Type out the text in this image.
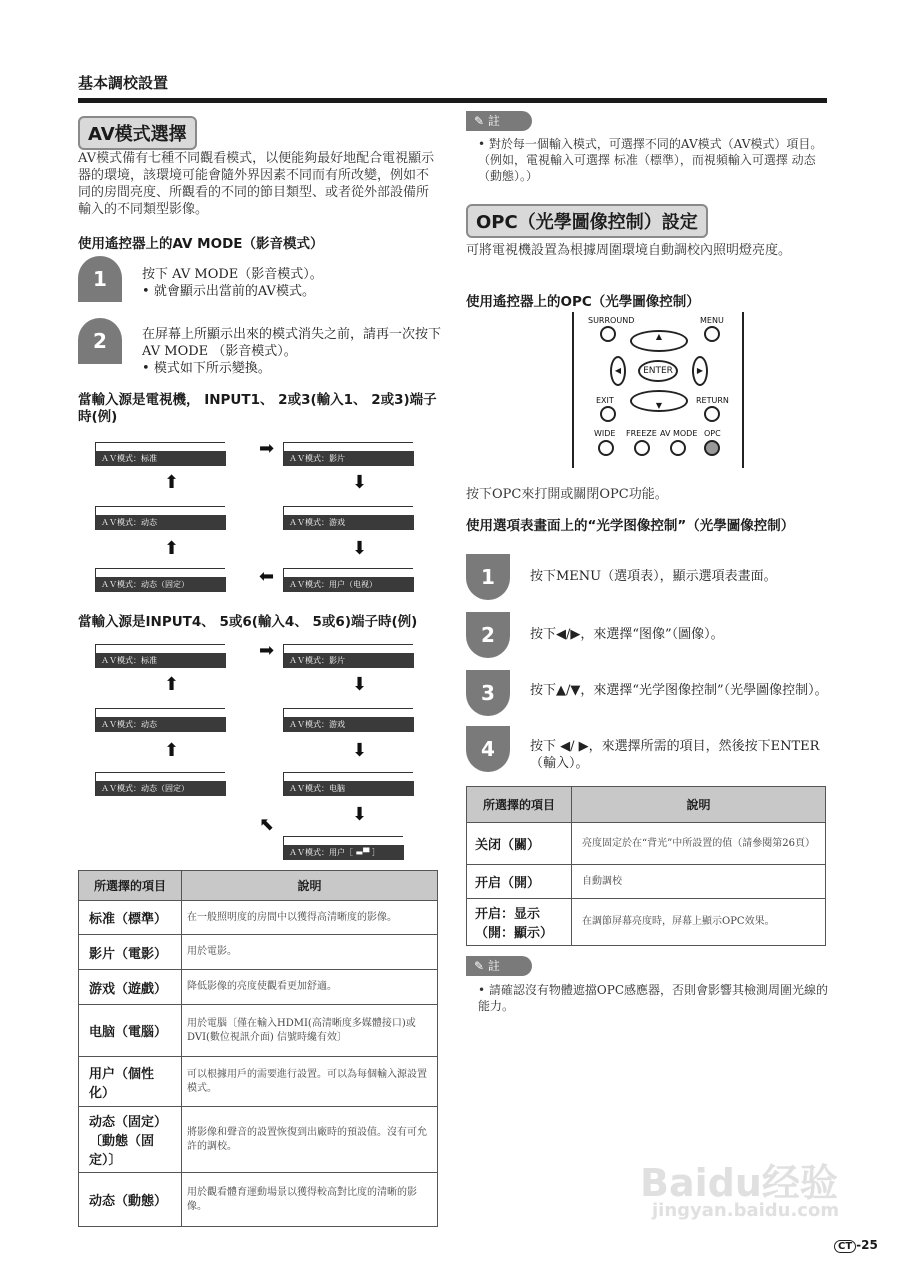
基本調校設置
AV模式選擇
AV模式備有七種不同觀看模式，以便能夠最好地配合電視顯示器的環境，該環境可能會隨外界因素不同而有所改變，例如不同的房間亮度、所觀看的不同的節目類型、或者從外部設備所輸入的不同類型影像。
使用遙控器上的AV MODE（影音模式）
1	按下 AV MODE（影音模式）。
• 就會顯示出當前的AV模式。
2	在屏幕上所顯示出來的模式消失之前，請再一次按下 AV MODE （影音模式）。
• 模式如下所示變換。
當輸入源是電視機， INPUT1、 2或3(輸入1、 2或3)端子時(例)
ＡＶ模式：标准	ＡＶ模式：影片
➡
⬆	⬇
ＡＶ模式：动态	ＡＶ模式：游戏
⬆	⬇
ＡＶ模式：动态（固定）	ＡＶ模式：用户（电视）
⬅
當輸入源是INPUT4、 5或6(輸入4、 5或6)端子時(例)
ＡＶ模式：标准	ＡＶ模式：影片
➡
⬆	⬇
ＡＶ模式：动态	ＡＶ模式：游戏
⬆	⬇
ＡＶ模式：动态（固定）	ＡＶ模式：电脑
⬇
⬉
ＡＶ模式：用户［ ▬▀ ］
所選擇的項目	說明
标准（標準）	在一般照明度的房間中以獲得高清晰度的影像。
影片（電影）	用於電影。
游戏（遊戲）	降低影像的亮度使觀看更加舒適。
电脑（電腦）	用於電腦〔僅在輸入HDMI(高清晰度多媒體接口)或DVI(數位視訊介面) 信號時纔有效〕
用户（個性化）	可以根據用戶的需要進行設置。可以為每個輸入源設置模式。
动态（固定）〔動態（固定）〕	將影像和聲音的設置恢復到出廠時的預設值。沒有可允許的調校。
动态（動態）	用於觀看體育運動場景以獲得較高對比度的清晰的影像。
✎ 註
• 對於每一個輸入模式，可選擇不同的AV模式（AV模式）項目。（例如，電視輸入可選擇 标准（標準），而視頻輸入可選擇 动态（動態）。）
OPC（光學圖像控制）設定
可將電視機設置為根據周圍環境自動調校內照明燈亮度。
使用遙控器上的OPC（光學圖像控制）
SURROUND	MENU
▲
◀	▶
ENTER
▼
EXIT	RETURN
WIDE FREEZE AV MODE OPC
按下OPC來打開或關閉OPC功能。
使用選項表畫面上的“光学图像控制”（光學圖像控制）
1	按下MENU（選項表），顯示選項表畫面。
2	按下◀/▶，來選擇“图像”（圖像）。
3	按下▲/▼，來選擇“光学图像控制”（光學圖像控制）。
4	按下 ◀/ ▶，來選擇所需的項目，然後按下ENTER（輸入）。
所選擇的項目	說明
关闭（關）	亮度固定於在“背光”中所設置的值（請參閱第26頁）
开启（開）	自動調校
开启：显示（開：顯示）	在調節屏幕亮度時，屏幕上顯示OPC效果。
✎ 註
• 請確認沒有物體遮擋OPC感應器，否則會影響其檢測周圍光線的能力。
Baidu经验
jingyan.baidu.com
CT -25
